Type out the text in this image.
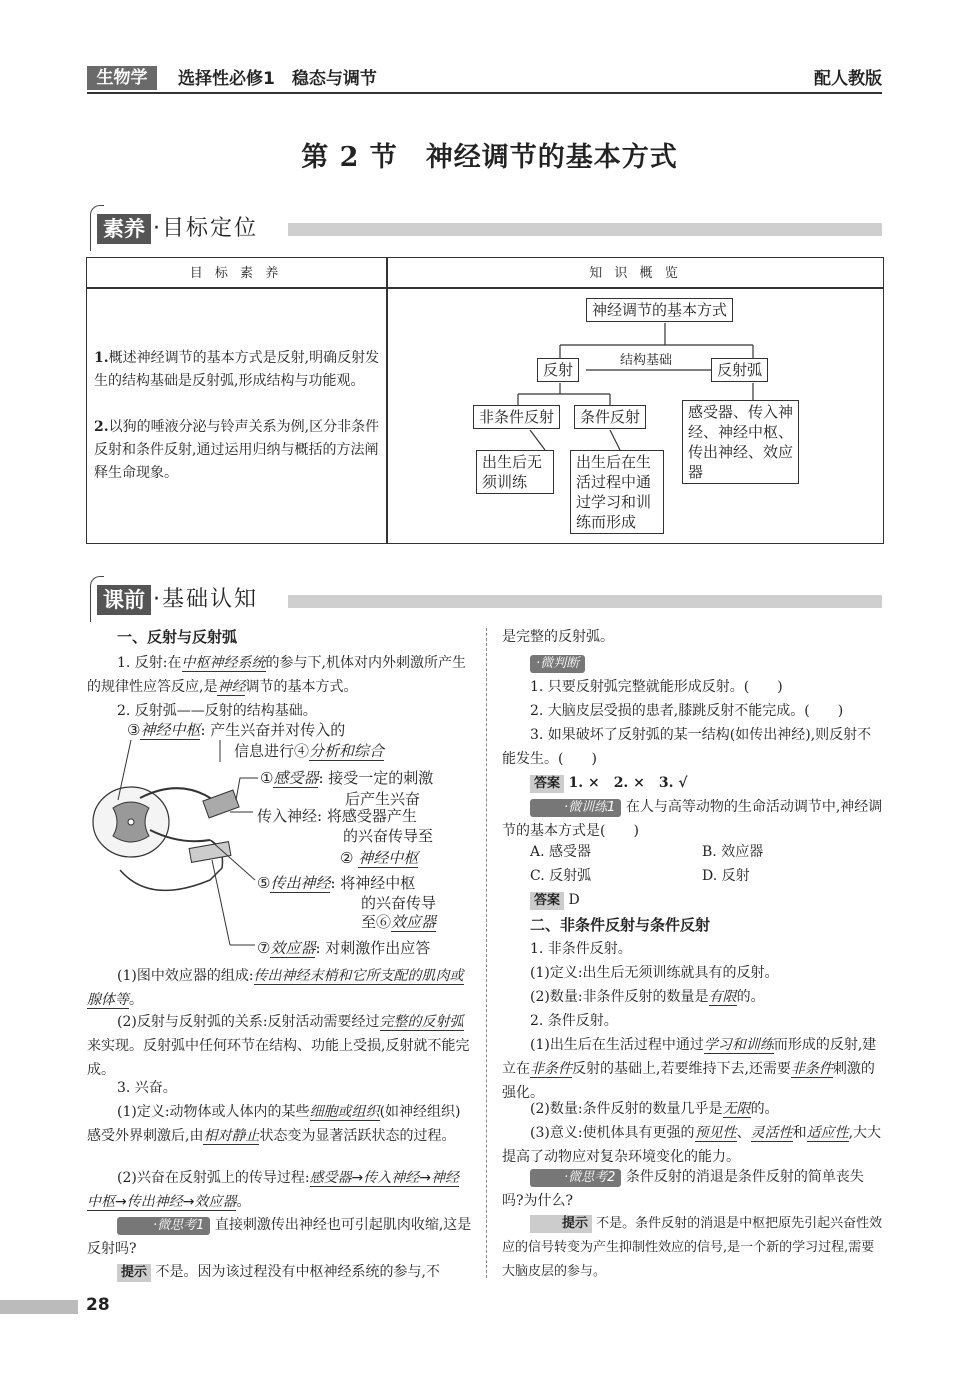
生物学	选择性必修1　稳态与调节	配人教版
第 2 节　神经调节的基本方式
素养 ·目标定位
目 标 素 养	知 识 概 览
1.概述神经调节的基本方式是反射,明确反射发生的结构基础是反射弧,形成结构与功能观。
2.以狗的唾液分泌与铃声关系为例,区分非条件反射和条件反射,通过运用归纳与概括的方法阐释生命现象。
神经调节的基本方式
反射
结构基础
反射弧
非条件反射	条件反射
出生后无须训练
出生后在生活过程中通过学习和训练而形成
感受器、传入神经、神经中枢、传出神经、效应器
课前 ·基础认知
一、反射与反射弧
1. 反射:在中枢神经系统的参与下,机体对内外刺激所产生的规律性应答反应,是神经调节的基本方式。
2. 反射弧——反射的结构基础。
③神经中枢: 产生兴奋并对传入的
信息进行④分析和综合
①感受器: 接受一定的刺激
后产生兴奋
传入神经: 将感受器产生
的兴奋传导至
② 神经中枢
⑤传出神经: 将神经中枢
的兴奋传导
至⑥效应器
⑦效应器: 对刺激作出应答
(1)图中效应器的组成:传出神经末梢和它所支配的肌肉或腺体等。
(2)反射与反射弧的关系:反射活动需要经过完整的反射弧来实现。反射弧中任何环节在结构、功能上受损,反射就不能完成。
3. 兴奋。
(1)定义:动物体或人体内的某些细胞或组织(如神经组织)感受外界刺激后,由相对静止状态变为显著活跃状态的过程。
(2)兴奋在反射弧上的传导过程:感受器→传入神经→神经中枢→传出神经→效应器。
·微思考1 直接刺激传出神经也可引起肌肉收缩,这是反射吗?
提示 不是。因为该过程没有中枢神经系统的参与,不
是完整的反射弧。
·微判断
1. 只要反射弧完整就能形成反射。(　　)
2. 大脑皮层受损的患者,膝跳反射不能完成。(　　)
3. 如果破坏了反射弧的某一结构(如传出神经),则反射不能发生。(　　)
答案 1. ×　2. ×　3. √
·微训练1 在人与高等动物的生命活动调节中,神经调节的基本方式是(　　)
A. 感受器	B. 效应器
C. 反射弧	D. 反射
答案 D
二、非条件反射与条件反射
1. 非条件反射。
(1)定义:出生后无须训练就具有的反射。
(2)数量:非条件反射的数量是有限的。
2. 条件反射。
(1)出生后在生活过程中通过学习和训练而形成的反射,建立在非条件反射的基础上,若要维持下去,还需要非条件刺激的强化。
(2)数量:条件反射的数量几乎是无限的。
(3)意义:使机体具有更强的预见性、灵活性和适应性,大大提高了动物应对复杂环境变化的能力。
·微思考2 条件反射的消退是条件反射的简单丧失吗?为什么?
提示 不是。条件反射的消退是中枢把原先引起兴奋性效应的信号转变为产生抑制性效应的信号,是一个新的学习过程,需要大脑皮层的参与。
28
